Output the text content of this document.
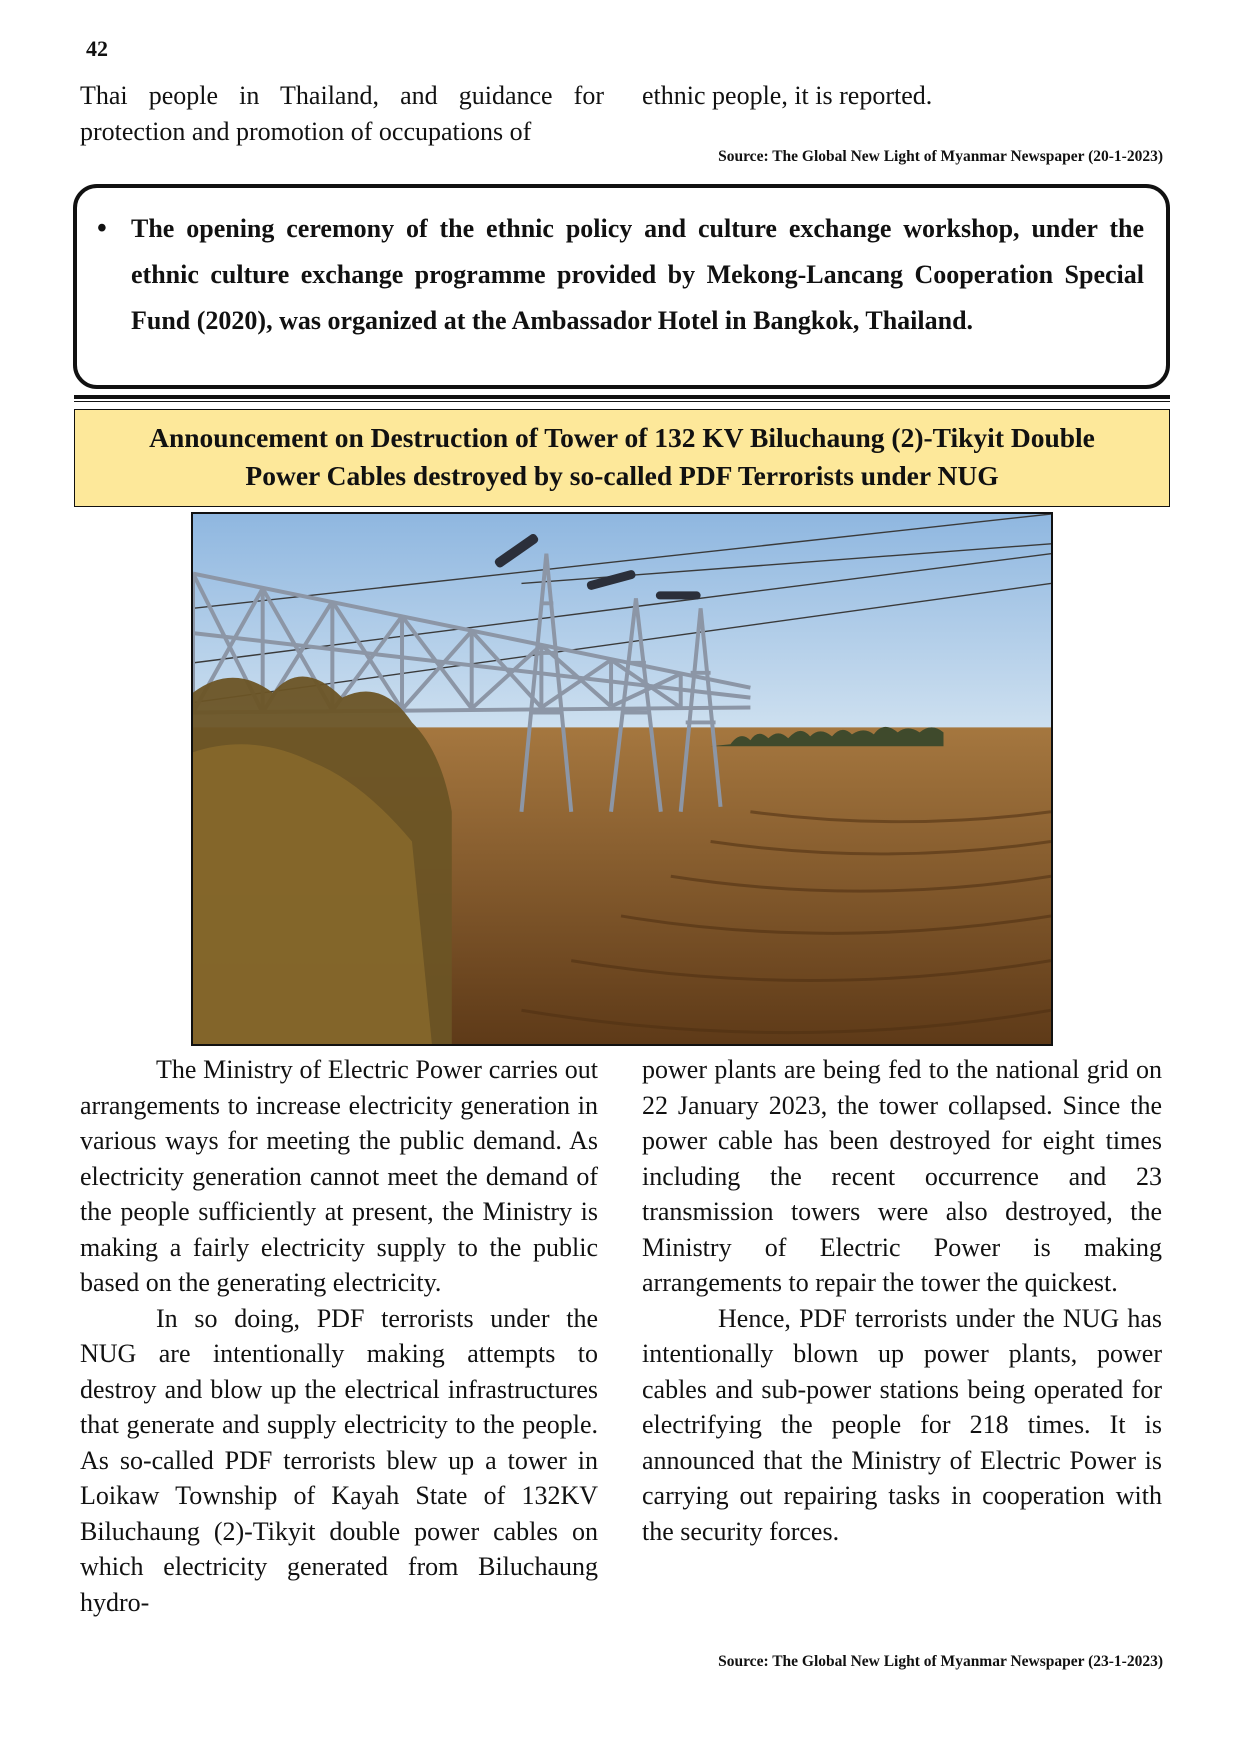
42
Thai people in Thailand, and guidance for protection and promotion of occupations of
ethnic people, it is reported.
Source: The Global New Light of Myanmar Newspaper (20-1-2023)
• The opening ceremony of the ethnic policy and culture exchange workshop, under the ethnic culture exchange programme provided by Mekong-Lancang Cooperation Special Fund (2020), was organized at the Ambassador Hotel in Bangkok, Thailand.
Announcement on Destruction of Tower of 132 KV Biluchaung (2)-Tikyit Double
Power Cables destroyed by so-called PDF Terrorists under NUG

The Ministry of Electric Power carries out arrangements to increase electricity generation in various ways for meeting the public demand. As electricity generation cannot meet the demand of the people sufficiently at present, the Ministry is making a fairly electricity supply to the public based on the generating electricity.

In so doing, PDF terrorists under the NUG are intentionally making attempts to destroy and blow up the electrical infrastructures that generate and supply electricity to the people. As so-called PDF terrorists blew up a tower in Loikaw Township of Kayah State of 132KV Biluchaung (2)-Tikyit double power cables on which electricity generated from Biluchaung hydro-

power plants are being fed to the national grid on 22 January 2023, the tower collapsed. Since the power cable has been destroyed for eight times including the recent occurrence and 23 transmission towers were also destroyed, the Ministry of Electric Power is making arrangements to repair the tower the quickest.

Hence, PDF terrorists under the NUG has intentionally blown up power plants, power cables and sub-power stations being operated for electrifying the people for 218 times. It is announced that the Ministry of Electric Power is carrying out repairing tasks in cooperation with the security forces.

Source: The Global New Light of Myanmar Newspaper (23-1-2023)
